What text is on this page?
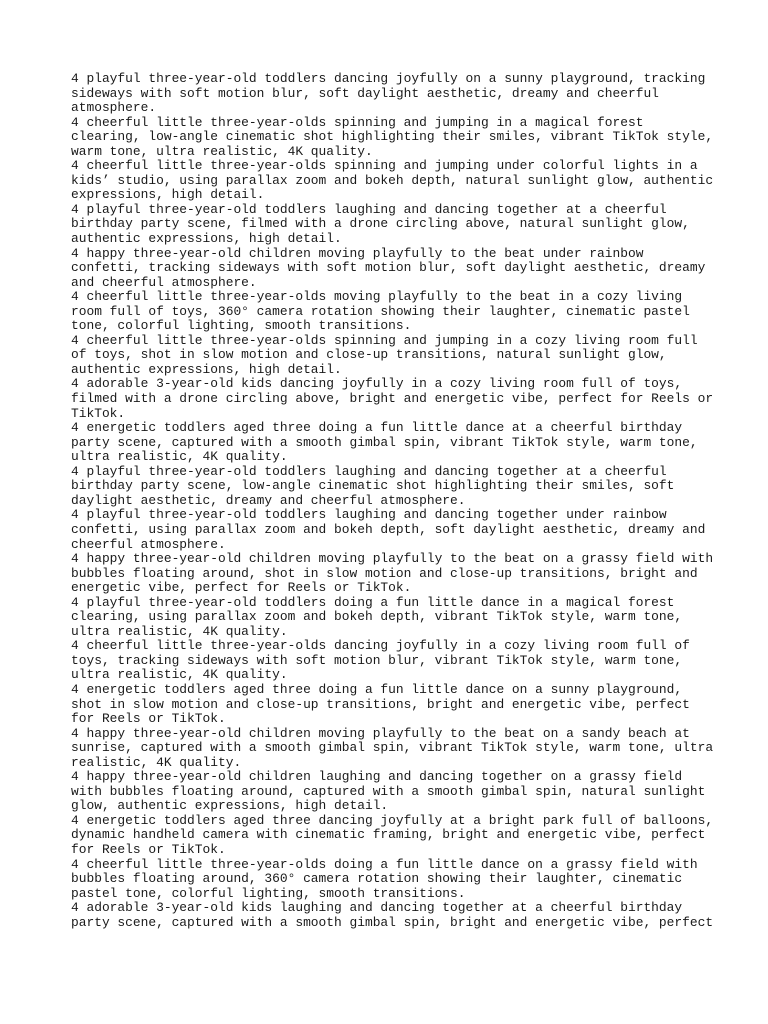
4 playful three-year-old toddlers dancing joyfully on a sunny playground, tracking
sideways with soft motion blur, soft daylight aesthetic, dreamy and cheerful
atmosphere.
4 cheerful little three-year-olds spinning and jumping in a magical forest
clearing, low-angle cinematic shot highlighting their smiles, vibrant TikTok style,
warm tone, ultra realistic, 4K quality.
4 cheerful little three-year-olds spinning and jumping under colorful lights in a
kids’ studio, using parallax zoom and bokeh depth, natural sunlight glow, authentic
expressions, high detail.
4 playful three-year-old toddlers laughing and dancing together at a cheerful
birthday party scene, filmed with a drone circling above, natural sunlight glow,
authentic expressions, high detail.
4 happy three-year-old children moving playfully to the beat under rainbow
confetti, tracking sideways with soft motion blur, soft daylight aesthetic, dreamy
and cheerful atmosphere.
4 cheerful little three-year-olds moving playfully to the beat in a cozy living
room full of toys, 360° camera rotation showing their laughter, cinematic pastel
tone, colorful lighting, smooth transitions.
4 cheerful little three-year-olds spinning and jumping in a cozy living room full
of toys, shot in slow motion and close-up transitions, natural sunlight glow,
authentic expressions, high detail.
4 adorable 3-year-old kids dancing joyfully in a cozy living room full of toys,
filmed with a drone circling above, bright and energetic vibe, perfect for Reels or
TikTok.
4 energetic toddlers aged three doing a fun little dance at a cheerful birthday
party scene, captured with a smooth gimbal spin, vibrant TikTok style, warm tone,
ultra realistic, 4K quality.
4 playful three-year-old toddlers laughing and dancing together at a cheerful
birthday party scene, low-angle cinematic shot highlighting their smiles, soft
daylight aesthetic, dreamy and cheerful atmosphere.
4 playful three-year-old toddlers laughing and dancing together under rainbow
confetti, using parallax zoom and bokeh depth, soft daylight aesthetic, dreamy and
cheerful atmosphere.
4 happy three-year-old children moving playfully to the beat on a grassy field with
bubbles floating around, shot in slow motion and close-up transitions, bright and
energetic vibe, perfect for Reels or TikTok.
4 playful three-year-old toddlers doing a fun little dance in a magical forest
clearing, using parallax zoom and bokeh depth, vibrant TikTok style, warm tone,
ultra realistic, 4K quality.
4 cheerful little three-year-olds dancing joyfully in a cozy living room full of
toys, tracking sideways with soft motion blur, vibrant TikTok style, warm tone,
ultra realistic, 4K quality.
4 energetic toddlers aged three doing a fun little dance on a sunny playground,
shot in slow motion and close-up transitions, bright and energetic vibe, perfect
for Reels or TikTok.
4 happy three-year-old children moving playfully to the beat on a sandy beach at
sunrise, captured with a smooth gimbal spin, vibrant TikTok style, warm tone, ultra
realistic, 4K quality.
4 happy three-year-old children laughing and dancing together on a grassy field
with bubbles floating around, captured with a smooth gimbal spin, natural sunlight
glow, authentic expressions, high detail.
4 energetic toddlers aged three dancing joyfully at a bright park full of balloons,
dynamic handheld camera with cinematic framing, bright and energetic vibe, perfect
for Reels or TikTok.
4 cheerful little three-year-olds doing a fun little dance on a grassy field with
bubbles floating around, 360° camera rotation showing their laughter, cinematic
pastel tone, colorful lighting, smooth transitions.
4 adorable 3-year-old kids laughing and dancing together at a cheerful birthday
party scene, captured with a smooth gimbal spin, bright and energetic vibe, perfect
